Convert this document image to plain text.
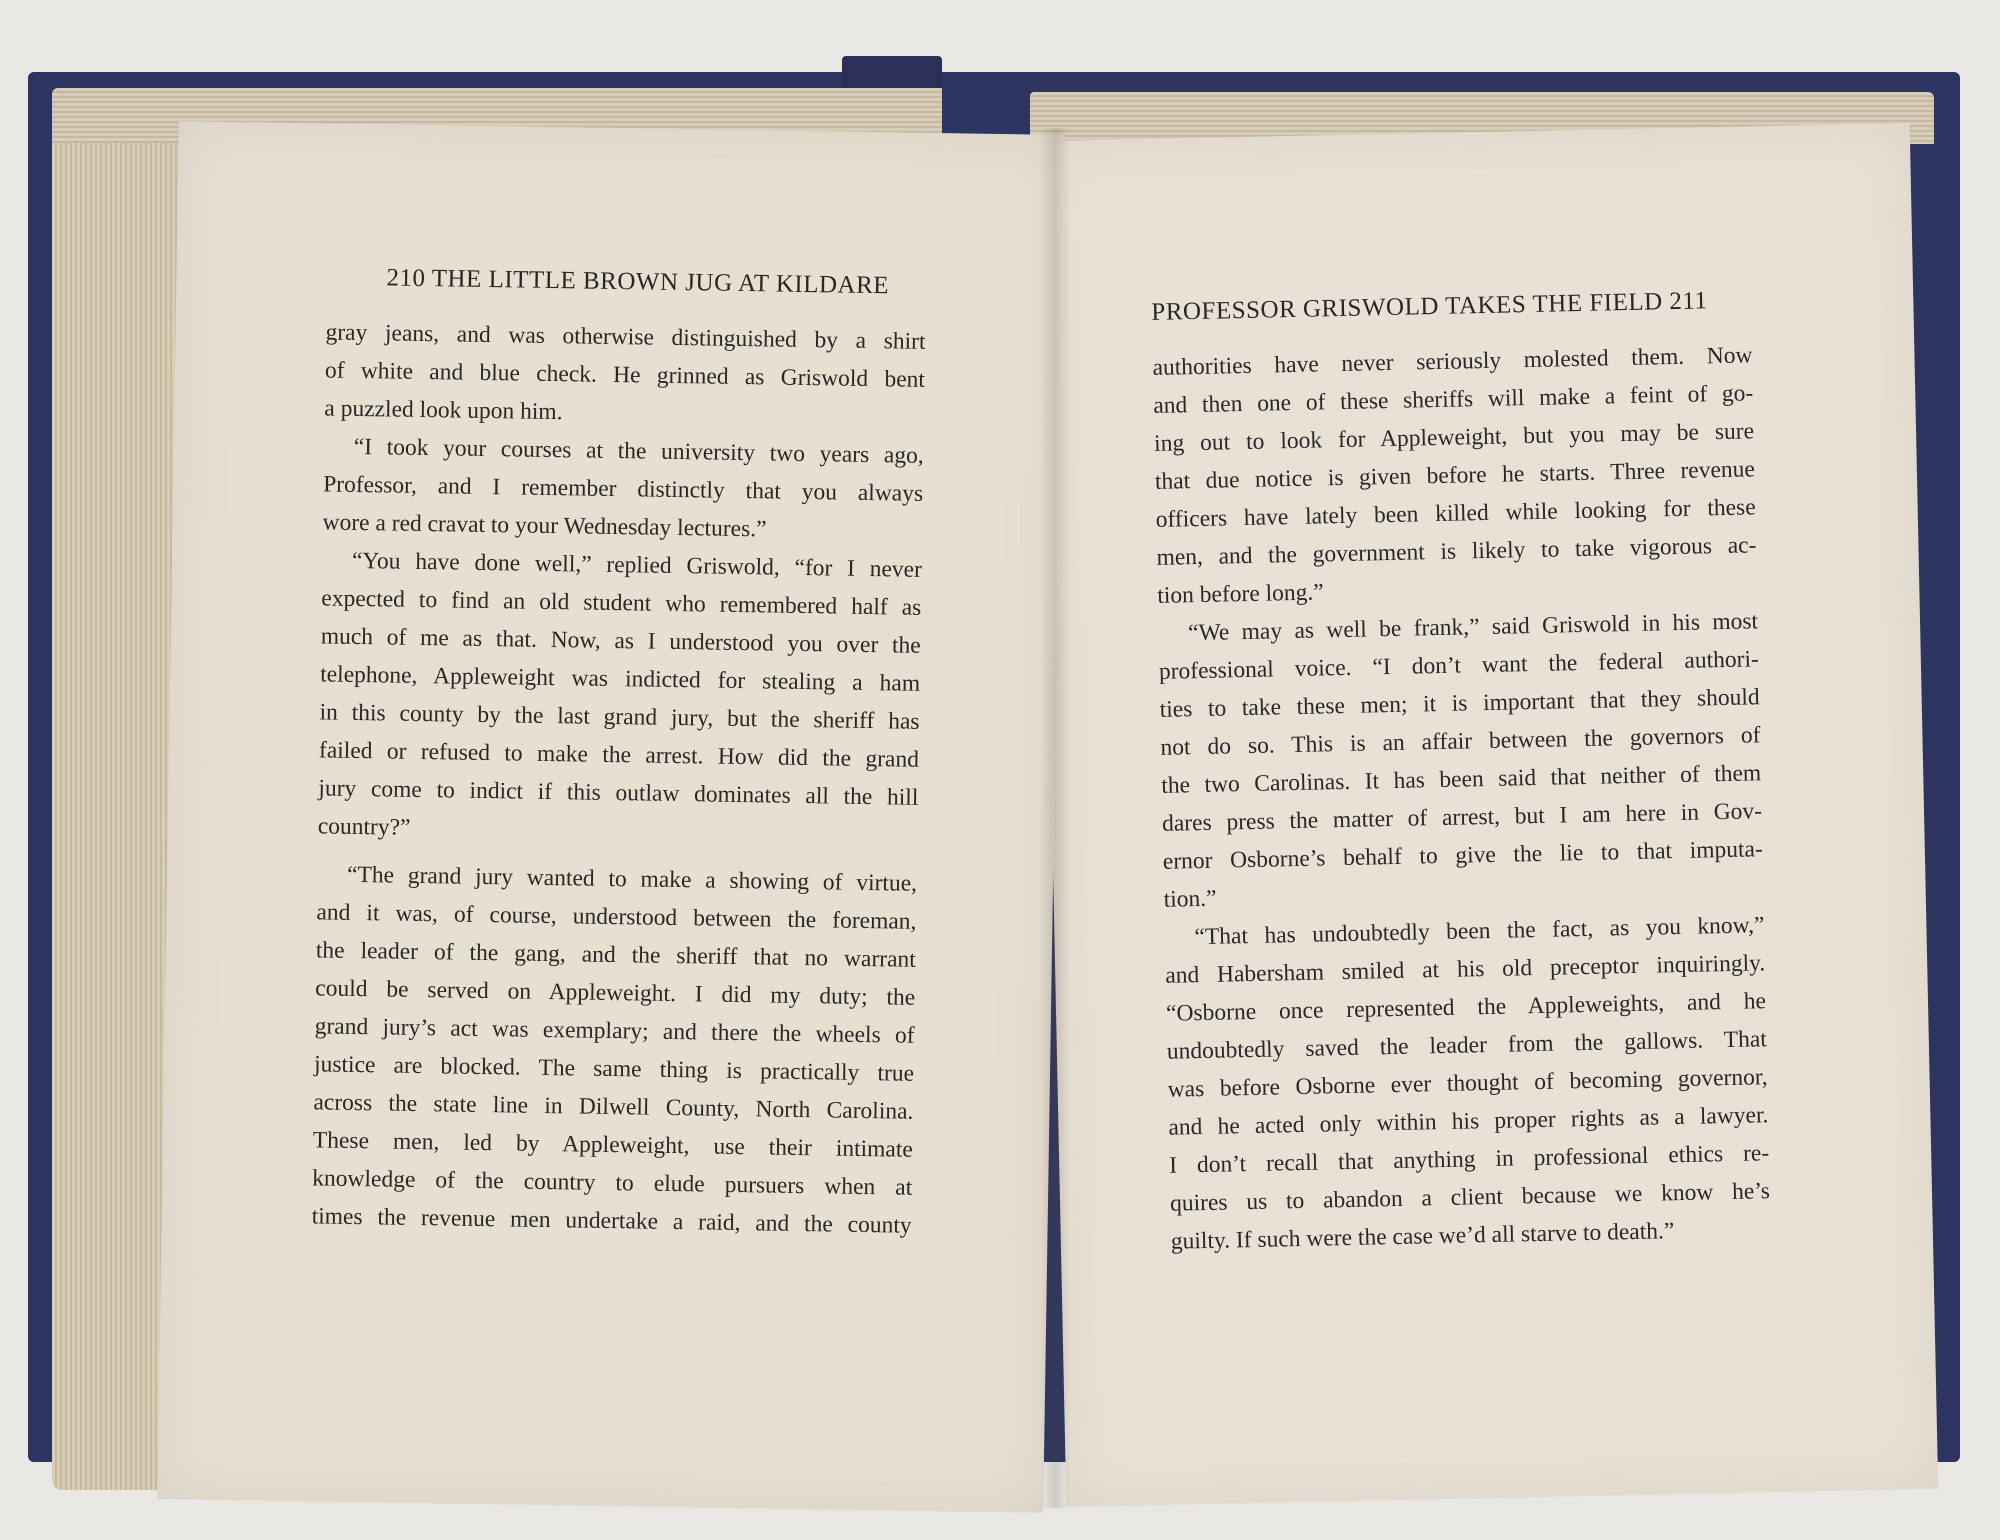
210 THE LITTLE BROWN JUG AT KILDARE
gray jeans, and was otherwise distinguished by a shirt
of white and blue check. He grinned as Griswold bent
a puzzled look upon him.
“I took your courses at the university two years ago,
Professor, and I remember distinctly that you always
wore a red cravat to your Wednesday lectures.”
“You have done well,” replied Griswold, “for I never
expected to find an old student who remembered half as
much of me as that. Now, as I understood you over the
telephone, Appleweight was indicted for stealing a ham
in this county by the last grand jury, but the sheriff has
failed or refused to make the arrest. How did the grand
jury come to indict if this outlaw dominates all the hill
country?”
“The grand jury wanted to make a showing of virtue,
and it was, of course, understood between the foreman,
the leader of the gang, and the sheriff that no warrant
could be served on Appleweight. I did my duty; the
grand jury’s act was exemplary; and there the wheels of
justice are blocked. The same thing is practically true
across the state line in Dilwell County, North Carolina.
These men, led by Appleweight, use their intimate
knowledge of the country to elude pursuers when at
times the revenue men undertake a raid, and the county
PROFESSOR GRISWOLD TAKES THE FIELD 211
authorities have never seriously molested them. Now
and then one of these sheriffs will make a feint of go-
ing out to look for Appleweight, but you may be sure
that due notice is given before he starts. Three revenue
officers have lately been killed while looking for these
men, and the government is likely to take vigorous ac-
tion before long.”
“We may as well be frank,” said Griswold in his most
professional voice. “I don’t want the federal authori-
ties to take these men; it is important that they should
not do so. This is an affair between the governors of
the two Carolinas. It has been said that neither of them
dares press the matter of arrest, but I am here in Gov-
ernor Osborne’s behalf to give the lie to that imputa-
tion.”
“That has undoubtedly been the fact, as you know,”
and Habersham smiled at his old preceptor inquiringly.
“Osborne once represented the Appleweights, and he
undoubtedly saved the leader from the gallows. That
was before Osborne ever thought of becoming governor,
and he acted only within his proper rights as a lawyer.
I don’t recall that anything in professional ethics re-
quires us to abandon a client because we know he’s
guilty. If such were the case we’d all starve to death.”
